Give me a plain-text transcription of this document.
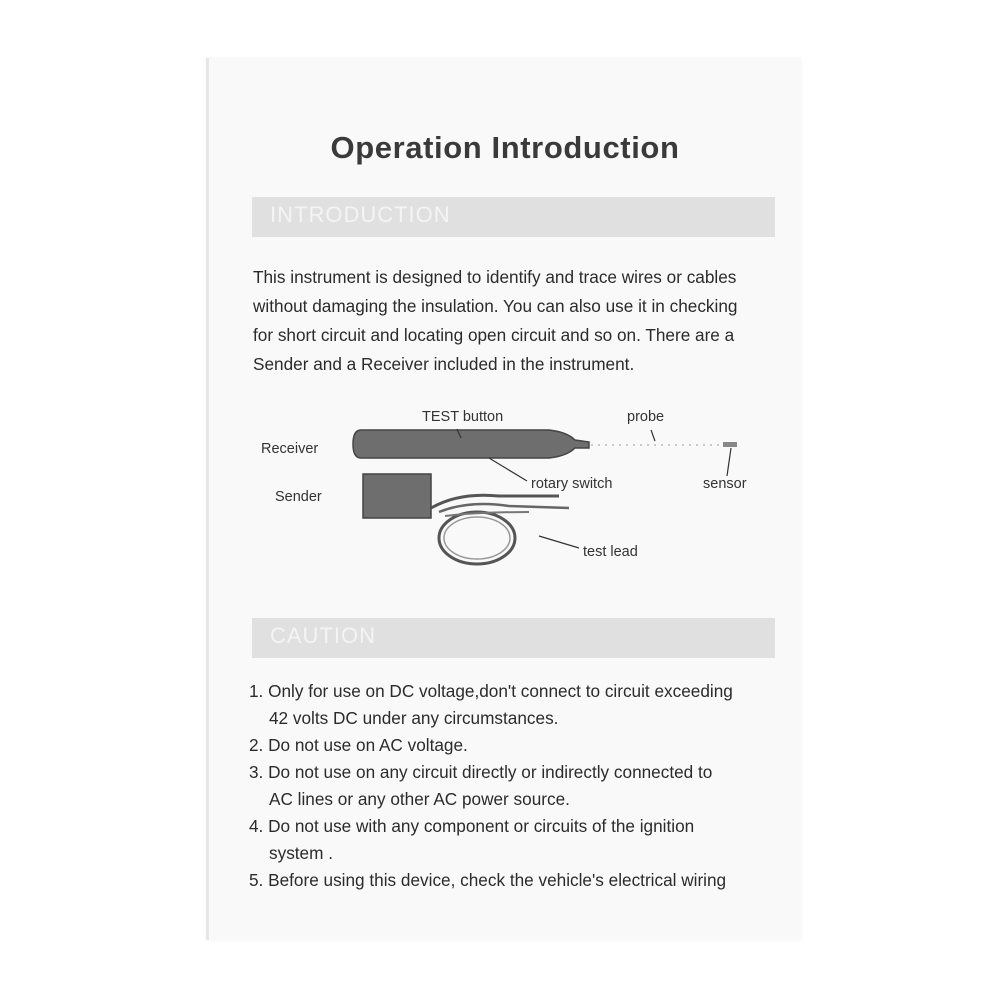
Operation Introduction
INTRODUCTION
This instrument is designed to identify and trace wires or cables
without damaging the insulation. You can also use it in checking
for short circuit and locating open circuit and so on. There are a
Sender and a Receiver included in the instrument.
Receiver
Sender
TEST button	probe
rotary switch	sensor
test lead
CAUTION
1. Only for use on DC voltage,don't connect to circuit exceeding
42 volts DC under any circumstances.
2. Do not use on AC voltage.
3. Do not use on any circuit directly or indirectly connected to
AC lines or any other AC power source.
4. Do not use with any component or circuits of the ignition
system .
5. Before using this device, check the vehicle's electrical wiring
